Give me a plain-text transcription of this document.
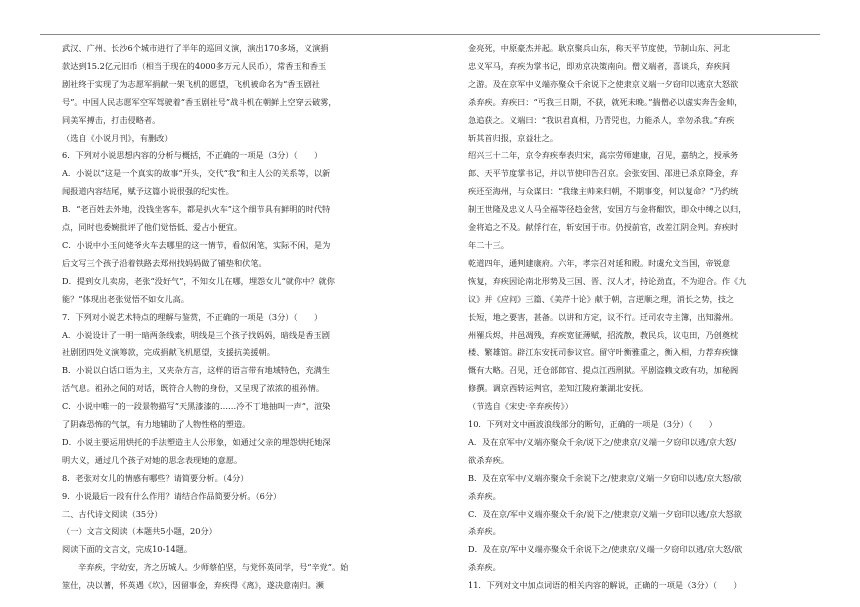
武汉、广州、长沙6个城市进行了半年的巡回义演，演出170多场，义演捐

款达到15.2亿元旧币（相当于现在的4000多万元人民币），常香玉和香玉

剧社终于实现了为志愿军捐献一架飞机的愿望，飞机被命名为“香玉剧社

号”。中国人民志愿军空军驾驶着“香玉剧社号”战斗机在朝鲜上空穿云破雾，

同美军搏击，打击侵略者。

（选自《小说月刊》，有删改）

6．下列对小说思想内容的分析与概括，不正确的一项是（3分）（　　）

A．小说以“这是一个真实的故事”开头，交代“我”和主人公的关系等，以新

闻报道内容结尾，赋予这篇小说很强的纪实性。

B．“老百姓去外地，没钱坐客车，都是扒火车”这个细节具有鲜明的时代特

点，同时也委婉批评了他们觉悟低、爱占小便宜。

C．小说中小玉问姥爷火车去哪里的这一情节，看似闲笔，实际不闲，是为

后文写三个孩子沿着铁路去郑州找妈妈做了铺垫和伏笔。

D．提到女儿卖房，老张“没好气”，不知女儿在哪，埋怨女儿“就你中？就你

能？”体现出老张觉悟不如女儿高。

7．下列对小说艺术特点的理解与鉴赏，不正确的一项是（3分）（　　）

A．小说设计了一明一暗两条线索，明线是三个孩子找妈妈，暗线是香玉剧

社剧团四处义演筹款，完成捐献飞机愿望，支援抗美援朝。

B．小说以白话口语为主，又夹杂方言，这样的语言带有地域特色，充满生

活气息。祖孙之间的对话，既符合人物的身份，又呈现了浓浓的祖孙情。

C．小说中唯一的一段景物描写“天黑漆漆的……冷不丁地抽叫一声”，渲染

了阴森恐怖的气氛，有力地辅助了人物性格的塑造。

D．小说主要运用烘托的手法塑造主人公形象，如通过父亲的埋怨烘托她深

明大义，通过几个孩子对她的思念表现她的意愿。

8．老张对女儿的情感有哪些？请简要分析。（4分）

9．小说最后一段有什么作用？请结合作品简要分析。（6分）

二、古代诗文阅读（35分）

（一）文言文阅读（本题共5小题，20分）

阅读下面的文言文，完成10-14题。

辛弃疾，字幼安，齐之历城人。少师蔡伯坚，与党怀英同学，号“辛党”。始

筮仕，决以蓍，怀英遇《坎》，因留事金，弃疾得《离》，遂决意南归。濒

金亮死，中原豪杰并起。耿京聚兵山东，称天平节度使，节制山东、河北

忠义军马，弃疾为掌书记，即劝京决策南向。僧义端者，喜谈兵，弃疾间

之游。及在京军中义端亦聚众千余说下之使隶京义端一夕窃印以逃京大怒欲

杀弃疾。弃疾曰：“丐我三日期，不获，就死未晚。”揣僧必以虚实奔告金帅，

急追获之。义端曰：“我识君真相，乃青兕也，力能杀人，幸勿杀我。”弃疾

斩其首归报，京益壮之。

绍兴三十二年，京令弃疾奉表归宋，高宗劳师建康，召见，嘉纳之，授承务

郎、天平节度掌书记，并以节使印告召京。会张安国、邵进已杀京降金，弃

疾还至海州，与众谋曰：“我缘主帅来归朝，不期事变，何以复命？”乃约统

制王世隆及忠义人马全福等径趋金营，安国方与金将酣饮，即众中缚之以归，

金将追之不及。献俘行在，斩安国于市。仍授前官，改差江阴佥判。弃疾时

年二十三。

乾道四年，通判建康府。六年，孝宗召对延和殿。时虞允文当国，帝锐意

恢复，弃疾因论南北形势及三国、晋、汉人才，持论劲直，不为迎合。作《九

议》并《应问》三篇、《美芹十论》献于朝，言逆顺之理，消长之势，技之

长短，地之要害，甚备。以讲和方定，议不行。迁司农寺主簿，出知滁州。

州罹兵烬，井邑凋残，弃疾宽征薄赋，招流散，教民兵，议屯田，乃创奠枕

楼、繁雄馆。辟江东安抚司参议官。留守叶衡雅重之，衡入相，力荐弃疾慷

慨有大略。召见，迁仓部郎官、提点江西刑狱。平剧盗赖文政有功，加秘阁

修撰。调京西转运判官，差知江陵府兼湖北安抚。

（节选自《宋史·辛弃疾传》）

10．下列对文中画波浪线部分的断句，正确的一项是（3分）（　　）

A．及在京军中/义端亦聚众千余/说下之/使隶京/义端一夕窃印以逃/京大怒/

欲杀弃疾。

B．及在京军中/义端亦聚众千余说下之/使隶京/义端一夕窃印以逃/京大怒/欲

杀弃疾。

C．及在京/军中义端亦聚众千余/说下之/使隶京/义端一夕窃印以逃/京大怒欲

杀弃疾。

D．及在京/军中义端亦聚众千余说下之/使隶京/义端一夕窃印以逃/京大怒/欲

杀弃疾。

11．下列对文中加点词语的相关内容的解说，正确的一项是（3分）（　　）
